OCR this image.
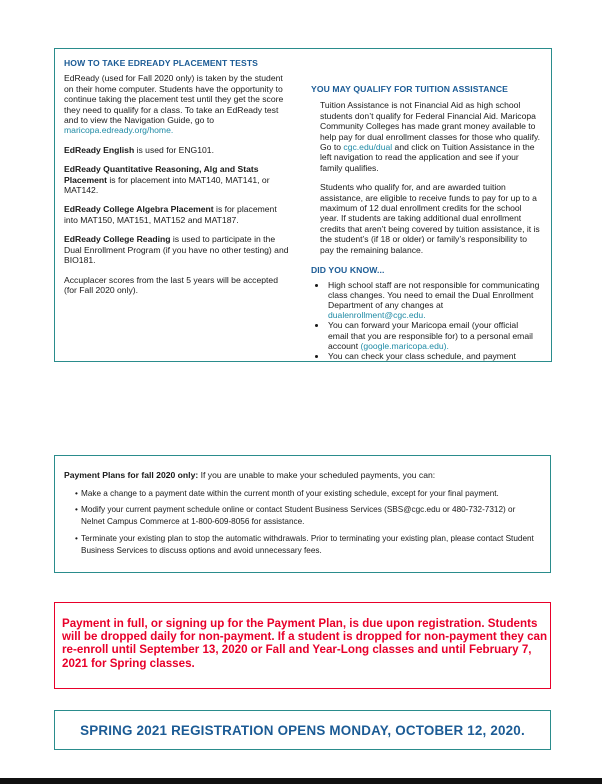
HOW TO TAKE EDREADY PLACEMENT TESTS

EdReady (used for Fall 2020 only) is taken by the student on their home computer. Students have the opportunity to continue taking the placement test until they get the score they need to qualify for a class. To take an EdReady test and to view the Navigation Guide, go to maricopa.edready.org/home.

EdReady English is used for ENG101.

EdReady Quantitative Reasoning, Alg and Stats Placement is for placement into MAT140, MAT141, or MAT142.

EdReady College Algebra Placement is for placement into MAT150, MAT151, MAT152 and MAT187.

EdReady College Reading is used to participate in the Dual Enrollment Program (if you have no other testing) and BIO181.

Accuplacer scores from the last 5 years will be accepted (for Fall 2020 only).

YOU MAY QUALIFY FOR TUITION ASSISTANCE

Tuition Assistance is not Financial Aid as high school students don’t qualify for Federal Financial Aid. Maricopa Community Colleges has made grant money available to help pay for dual enrollment classes for those who qualify. Go to cgc.edu/dual and click on Tuition Assistance in the left navigation to read the application and see if your family qualifies.

Students who qualify for, and are awarded tuition assistance, are eligible to receive funds to pay for up to a maximum of 12 dual enrollment credits for the school year. If students are taking additional dual enrollment credits that aren’t being covered by tuition assistance, it is the student’s (if 18 or older) or family’s responsibility to pay the remaining balance.

DID YOU KNOW...
• High school staff are not responsible for communicating class changes. You need to email the Dual Enrollment Department of any changes at dualenrollment@cgc.edu.
• You can forward your Maricopa email (your official email that you are responsible for) to a personal email account (google.maricopa.edu).
• You can check your class schedule, and payment
Payment Plans for fall 2020 only: If you are unable to make your scheduled payments, you can:
• Make a change to a payment date within the current month of your existing schedule, except for your final payment.
• Modify your current payment schedule online or contact Student Business Services (SBS@cgc.edu or 480-732-7312) or Nelnet Campus Commerce at 1-800-609-8056 for assistance.
• Terminate your existing plan to stop the automatic withdrawals. Prior to terminating your existing plan, please contact Student Business Services to discuss options and avoid unnecessary fees.
Payment in full, or signing up for the Payment Plan, is due upon registration. Students will be dropped daily for non-payment. If a student is dropped for non-payment they can re-enroll until September 13, 2020 or Fall and Year-Long classes and until February 7, 2021 for Spring classes.
SPRING 2021 REGISTRATION OPENS MONDAY, OCTOBER 12, 2020.
